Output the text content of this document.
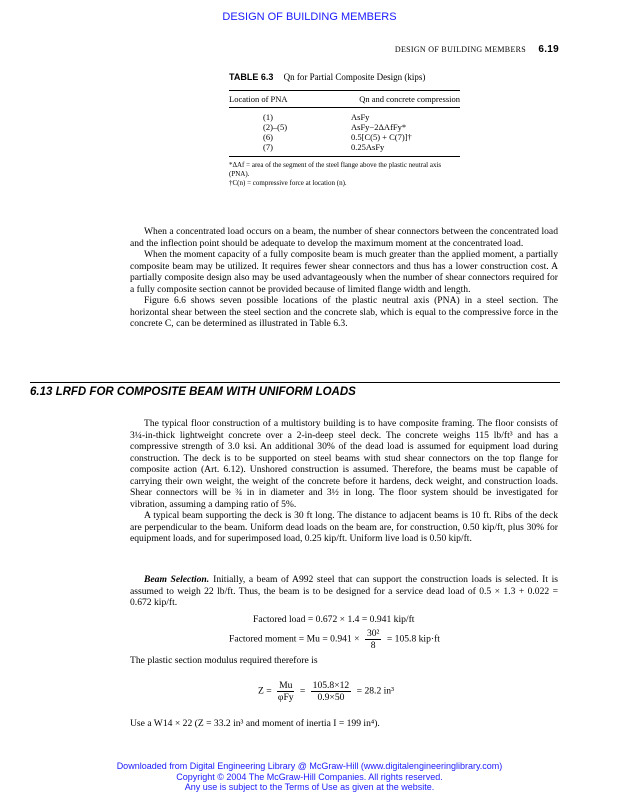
DESIGN OF BUILDING MEMBERS
DESIGN OF BUILDING MEMBERS 6.19
TABLE 6.3 Qn for Partial Composite Design (kips)
Location of PNA	Qn and concrete compression
(1)	AsFy
(2)–(5)	AsFy−2ΔAfFy*
(6)	0.5[C(5) + C(7)]†
(7)	0.25AsFy
*ΔAf = area of the segment of the steel flange above the plastic neutral axis (PNA).
†C(n) = compressive force at location (n).

When a concentrated load occurs on a beam, the number of shear connectors between the concentrated load and the inflection point should be adequate to develop the maximum moment at the concentrated load.

When the moment capacity of a fully composite beam is much greater than the applied moment, a partially composite beam may be utilized. It requires fewer shear connectors and thus has a lower construction cost. A partially composite design also may be used advantageously when the number of shear connectors required for a fully composite section cannot be provided because of limited flange width and length.

Figure 6.6 shows seven possible locations of the plastic neutral axis (PNA) in a steel section. The horizontal shear between the steel section and the concrete slab, which is equal to the compressive force in the concrete C, can be determined as illustrated in Table 6.3.

6.13 LRFD FOR COMPOSITE BEAM WITH UNIFORM LOADS

The typical floor construction of a multistory building is to have composite framing. The floor consists of 3¼-in-thick lightweight concrete over a 2-in-deep steel deck. The concrete weighs 115 lb/ft³ and has a compressive strength of 3.0 ksi. An additional 30% of the dead load is assumed for equipment load during construction. The deck is to be supported on steel beams with stud shear connectors on the top flange for composite action (Art. 6.12). Unshored construction is assumed. Therefore, the beams must be capable of carrying their own weight, the weight of the concrete before it hardens, deck weight, and construction loads. Shear connectors will be ¾ in in diameter and 3½ in long. The floor system should be investigated for vibration, assuming a damping ratio of 5%.

A typical beam supporting the deck is 30 ft long. The distance to adjacent beams is 10 ft. Ribs of the deck are perpendicular to the beam. Uniform dead loads on the beam are, for construction, 0.50 kip/ft, plus 30% for equipment loads, and for superimposed load, 0.25 kip/ft. Uniform live load is 0.50 kip/ft.

Beam Selection. Initially, a beam of A992 steel that can support the construction loads is selected. It is assumed to weigh 22 lb/ft. Thus, the beam is to be designed for a service dead load of 0.5 × 1.3 + 0.022 = 0.672 kip/ft.

Factored load = 0.672 × 1.4 = 0.941 kip/ft
Factored moment = $Mu = 0.941 \times \frac{\text{30²}}{8} = 105.8$ kip·ft
The plastic section modulus required therefore is
$Z = \frac{Mu}{\text{φFy}} = \frac{105.8\times 12}{0.9\times 50} = 28.2$ in³
Use a W14 × 22 (Z = 33.2 in³ and moment of inertia I = 199 in⁴).
Downloaded from Digital Engineering Library @ McGraw-Hill (www.digitalengineeringlibrary.com)
Copyright © 2004 The McGraw-Hill Companies. All rights reserved.
Any use is subject to the Terms of Use as given at the website.
